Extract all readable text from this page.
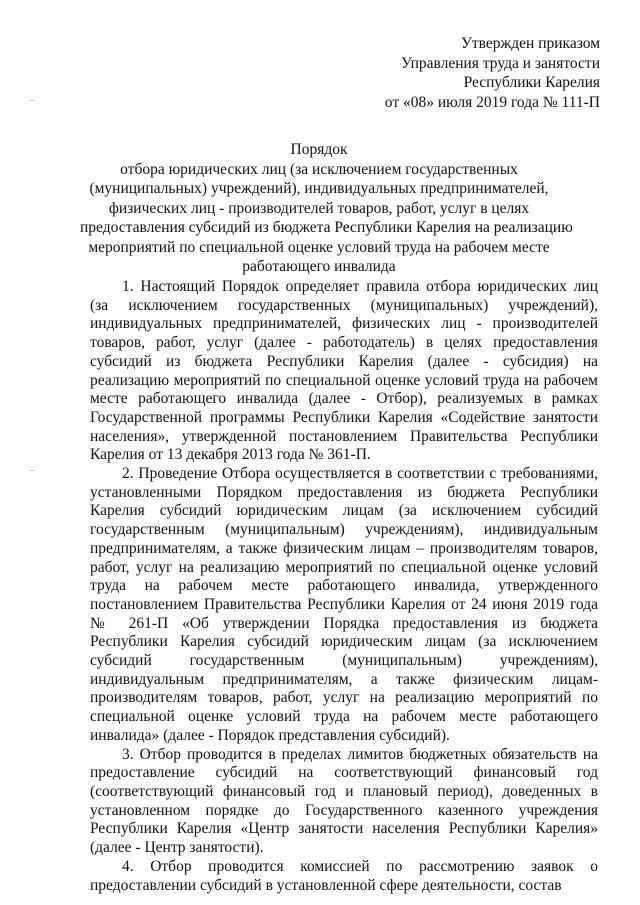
Утвержден приказом
Управления труда и занятости
Республики Карелия
от «08» июля 2019 года № 111-П
Порядок
отбора юридических лиц (за исключением государственных
(муниципальных) учреждений), индивидуальных предпринимателей,
физических лиц - производителей товаров, работ, услуг в целях
предоставления субсидий из бюджета Республики Карелия на реализацию
мероприятий по специальной оценке условий труда на рабочем месте
работающего инвалида

1. Настоящий Порядок определяет правила отбора юридических лиц (за исключением государственных (муниципальных) учреждений), индивидуальных предпринимателей, физических лиц - производителей товаров, работ, услуг (далее - работодатель) в целях предоставления субсидий из бюджета Республики Карелия (далее - субсидия) на реализацию мероприятий по специальной оценке условий труда на рабочем месте работающего инвалида (далее - Отбор), реализуемых в рамках Государственной программы Республики Карелия «Содействие занятости населения», утвержденной постановлением Правительства Республики Карелия от 13 декабря 2013 года № 361-П.

2. Проведение Отбора осуществляется в соответствии с требованиями, установленными Порядком предоставления из бюджета Республики Карелия субсидий юридическим лицам (за исключением субсидий государственным (муниципальным) учреждениям), индивидуальным предпринимателям, а также физическим лицам – производителям товаров, работ, услуг на реализацию мероприятий по специальной оценке условий труда на рабочем месте работающего инвалида, утвержденного постановлением Правительства Республики Карелия от 24 июня 2019 года № 261-П «Об утверждении Порядка предоставления из бюджета Республики Карелия субсидий юридическим лицам (за исключением субсидий государственным (муниципальным) учреждениям), индивидуальным предпринимателям, а также физическим лицам-производителям товаров, работ, услуг на реализацию мероприятий по специальной оценке условий труда на рабочем месте работающего инвалида» (далее - Порядок представления субсидий).

3. Отбор проводится в пределах лимитов бюджетных обязательств на предоставление субсидий на соответствующий финансовый год (соответствующий финансовый год и плановый период), доведенных в установленном порядке до Государственного казенного учреждения Республики Карелия «Центр занятости населения Республики Карелия» (далее - Центр занятости).

4. Отбор проводится комиссией по рассмотрению заявок о предоставлении субсидий в установленной сфере деятельности, состав
